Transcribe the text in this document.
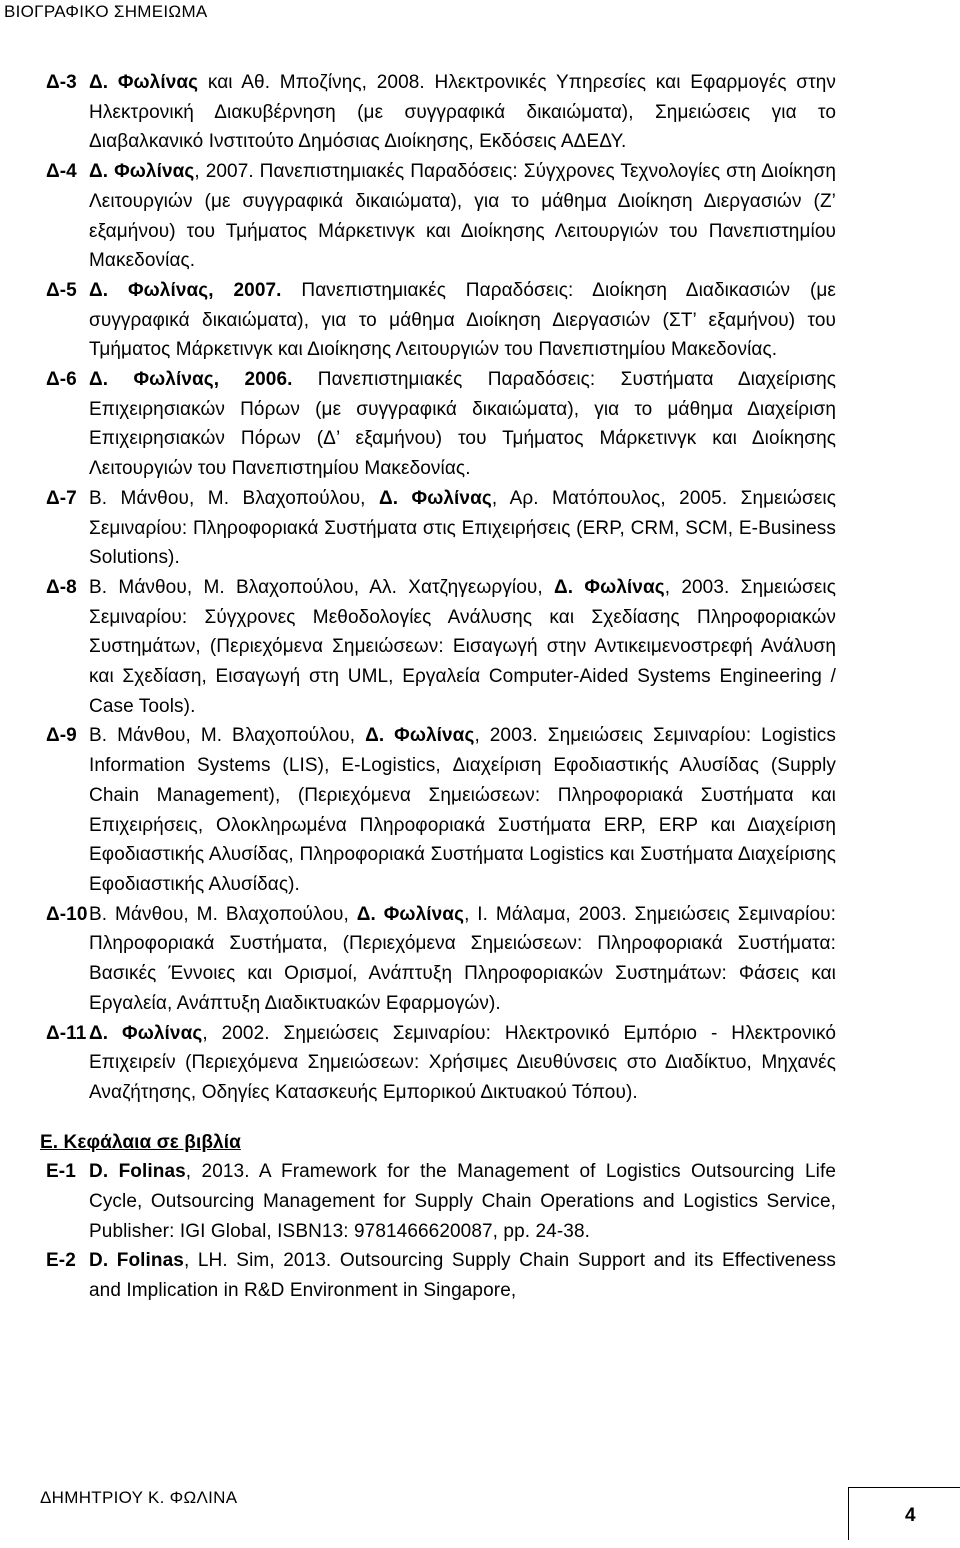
ΒΙΟΓΡΑΦΙΚΟ ΣΗΜΕΙΩΜΑ
Δ-3 Δ. Φωλίνας και Αθ. Μποζίνης, 2008. Ηλεκτρονικές Υπηρεσίες και Εφαρμογές στην Ηλεκτρονική Διακυβέρνηση (με συγγραφικά δικαιώματα), Σημειώσεις για το Διαβαλκανικό Ινστιτούτο Δημόσιας Διοίκησης, Εκδόσεις ΑΔΕΔΥ.
Δ-4 Δ. Φωλίνας, 2007. Πανεπιστημιακές Παραδόσεις: Σύγχρονες Τεχνολογίες στη Διοίκηση Λειτουργιών (με συγγραφικά δικαιώματα), για το μάθημα Διοίκηση Διεργασιών (Ζ’ εξαμήνου) του Τμήματος Μάρκετινγκ και Διοίκησης Λειτουργιών του Πανεπιστημίου Μακεδονίας.
Δ-5 Δ. Φωλίνας, 2007. Πανεπιστημιακές Παραδόσεις: Διοίκηση Διαδικασιών (με συγγραφικά δικαιώματα), για το μάθημα Διοίκηση Διεργασιών (ΣΤ’ εξαμήνου) του Τμήματος Μάρκετινγκ και Διοίκησης Λειτουργιών του Πανεπιστημίου Μακεδονίας.
Δ-6 Δ. Φωλίνας, 2006. Πανεπιστημιακές Παραδόσεις: Συστήματα Διαχείρισης Επιχειρησιακών Πόρων (με συγγραφικά δικαιώματα), για το μάθημα Διαχείριση Επιχειρησιακών Πόρων (Δ’ εξαμήνου) του Τμήματος Μάρκετινγκ και Διοίκησης Λειτουργιών του Πανεπιστημίου Μακεδονίας.
Δ-7 Β. Μάνθου, Μ. Βλαχοπούλου, Δ. Φωλίνας, Αρ. Ματόπουλος, 2005. Σημειώσεις Σεμιναρίου: Πληροφοριακά Συστήματα στις Επιχειρήσεις (ERP, CRM, SCM, E-Business Solutions).
Δ-8 Β. Μάνθου, Μ. Βλαχοπούλου, Αλ. Χατζηγεωργίου, Δ. Φωλίνας, 2003. Σημειώσεις Σεμιναρίου: Σύγχρονες Μεθοδολογίες Ανάλυσης και Σχεδίασης Πληροφοριακών Συστημάτων, (Περιεχόμενα Σημειώσεων: Εισαγωγή στην Αντικειμενοστρεφή Ανάλυση και Σχεδίαση, Εισαγωγή στη UML, Εργαλεία Computer-Aided Systems Engineering / Case Tools).
Δ-9 Β. Μάνθου, Μ. Βλαχοπούλου, Δ. Φωλίνας, 2003. Σημειώσεις Σεμιναρίου: Logistics Information Systems (LIS), E-Logistics, Διαχείριση Εφοδιαστικής Αλυσίδας (Supply Chain Management), (Περιεχόμενα Σημειώσεων: Πληροφοριακά Συστήματα και Επιχειρήσεις, Ολοκληρωμένα Πληροφοριακά Συστήματα ERP, ERP και Διαχείριση Εφοδιαστικής Αλυσίδας, Πληροφοριακά Συστήματα Logistics και Συστήματα Διαχείρισης Εφοδιαστικής Αλυσίδας).
Δ-10 Β. Μάνθου, Μ. Βλαχοπούλου, Δ. Φωλίνας, Ι. Μάλαμα, 2003. Σημειώσεις Σεμιναρίου: Πληροφοριακά Συστήματα, (Περιεχόμενα Σημειώσεων: Πληροφοριακά Συστήματα: Βασικές Έννοιες και Ορισμοί, Ανάπτυξη Πληροφοριακών Συστημάτων: Φάσεις και Εργαλεία, Ανάπτυξη Διαδικτυακών Εφαρμογών).
Δ-11 Δ. Φωλίνας, 2002. Σημειώσεις Σεμιναρίου: Ηλεκτρονικό Εμπόριο - Ηλεκτρονικό Επιχειρείν (Περιεχόμενα Σημειώσεων: Χρήσιμες Διευθύνσεις στο Διαδίκτυο, Μηχανές Αναζήτησης, Οδηγίες Κατασκευής Εμπορικού Δικτυακού Τόπου).
Ε. Κεφάλαια σε βιβλία
E-1 D. Folinas, 2013. A Framework for the Management of Logistics Outsourcing Life Cycle, Outsourcing Management for Supply Chain Operations and Logistics Service, Publisher: IGI Global, ISBN13: 9781466620087, pp. 24-38.
E-2 D. Folinas, LH. Sim, 2013. Outsourcing Supply Chain Support and its Effectiveness and Implication in R&D Environment in Singapore,
ΔΗΜΗΤΡΙΟΥ Κ. ΦΩΛΙΝΑ
4
